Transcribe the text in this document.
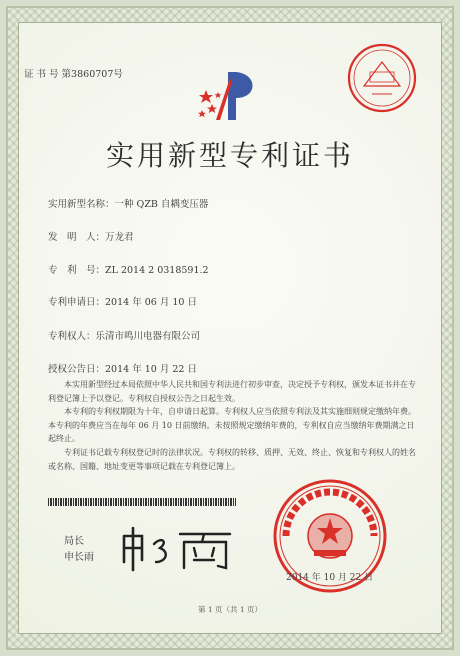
证 书 号 第3860707号
实用新型专利证书
实用新型名称：一种 QZB 自耦变压器
发　明　人：万龙君
专　利　号：ZL 2014 2 0318591.2
专利申请日：2014 年 06 月 10 日
专利权人：乐清市鸣川电器有限公司
授权公告日：2014 年 10 月 22 日
　　本实用新型经过本局依照中华人民共和国专利法进行初步审查，决定授予专利权，颁发本证书并在专利登记簿上予以登记。专利权自授权公告之日起生效。
　　本专利的专利权期限为十年，自申请日起算。专利权人应当依照专利法及其实施细则规定缴纳年费。本专利的年费应当在每年 06 月 10 日前缴纳。未按照规定缴纳年费的，专利权自应当缴纳年费期满之日起终止。
　　专利证书记载专利权登记时的法律状况。专利权的转移、质押、无效、终止、恢复和专利权人的姓名或名称、国籍、地址变更等事项记载在专利登记簿上。
局长
申长雨
2014 年 10 月 22 日
第 1 页（共 1 页）
